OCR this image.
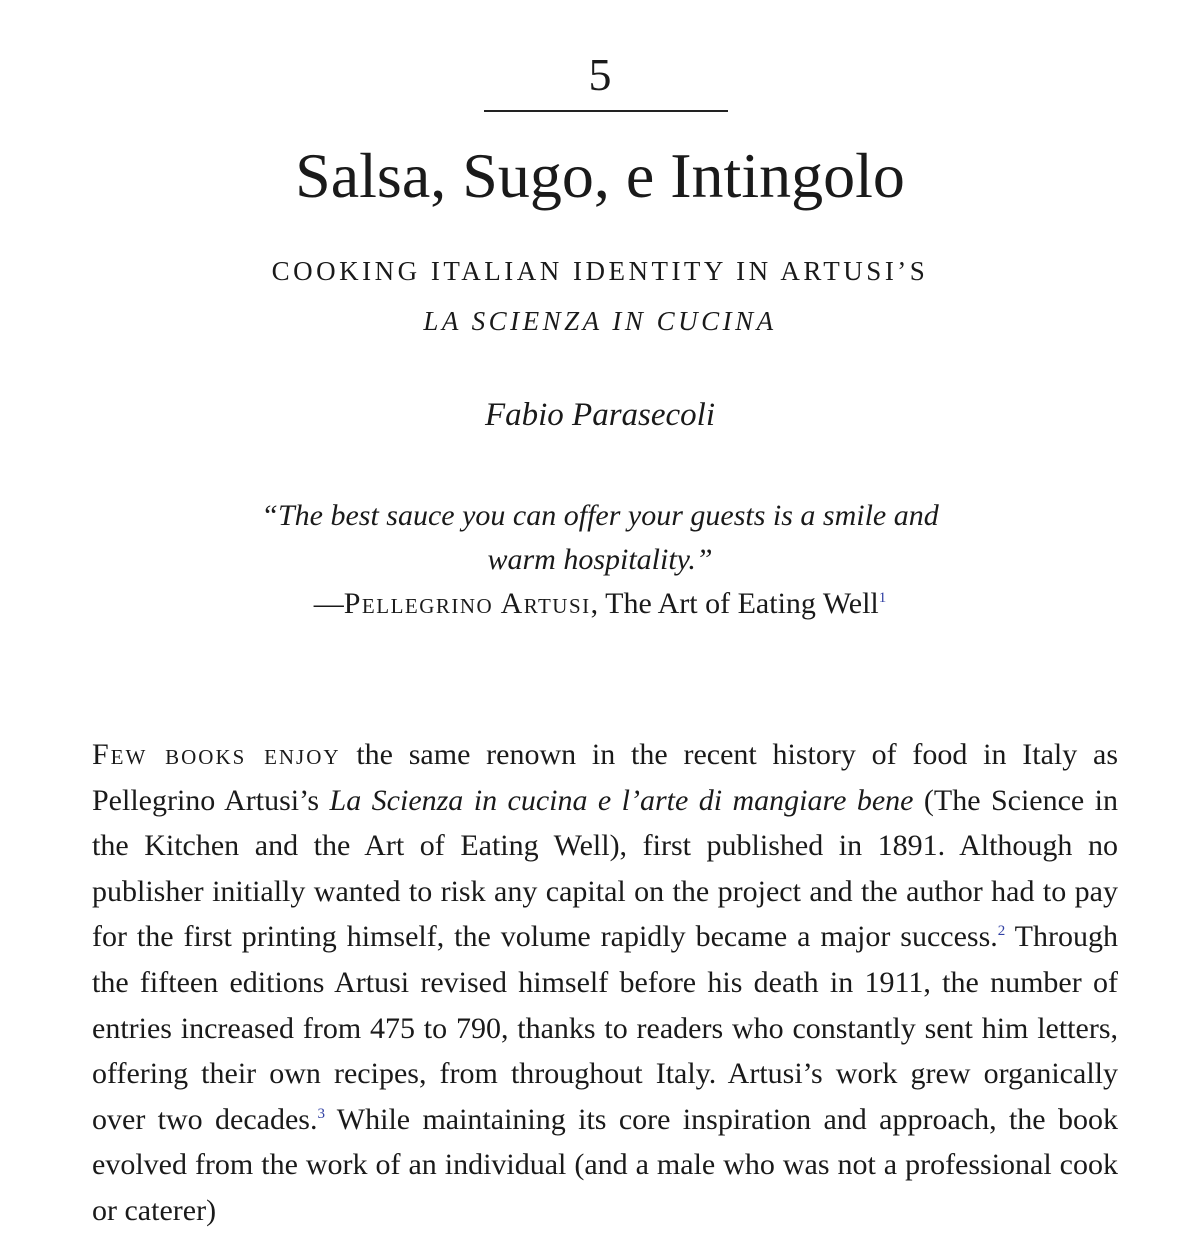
5
Salsa, Sugo, e Intingolo
COOKING ITALIAN IDENTITY IN ARTUSI’S
LA SCIENZA IN CUCINA
Fabio Parasecoli
“The best sauce you can offer your guests is a smile and
warm hospitality.”
—Pellegrino Artusi, The Art of Eating Well$^1$

Few books enjoy the same renown in the recent history of food in Italy as Pellegrino Artusi’s La Scienza in cucina e l’arte di mangiare bene (The Science in the Kitchen and the Art of Eating Well), first published in 1891. Although no publisher initially wanted to risk any capital on the project and the author had to pay for the first printing himself, the volume rapidly became a major success.$^2$ Through the fifteen editions Artusi revised himself before his death in 1911, the number of entries increased from 475 to 790, thanks to readers who constantly sent him letters, offering their own recipes, from throughout Italy. Artusi’s work grew organically over two decades.$^3$ While maintaining its core inspiration and approach, the book evolved from the work of an individual (and a male who was not a professional cook or caterer)
